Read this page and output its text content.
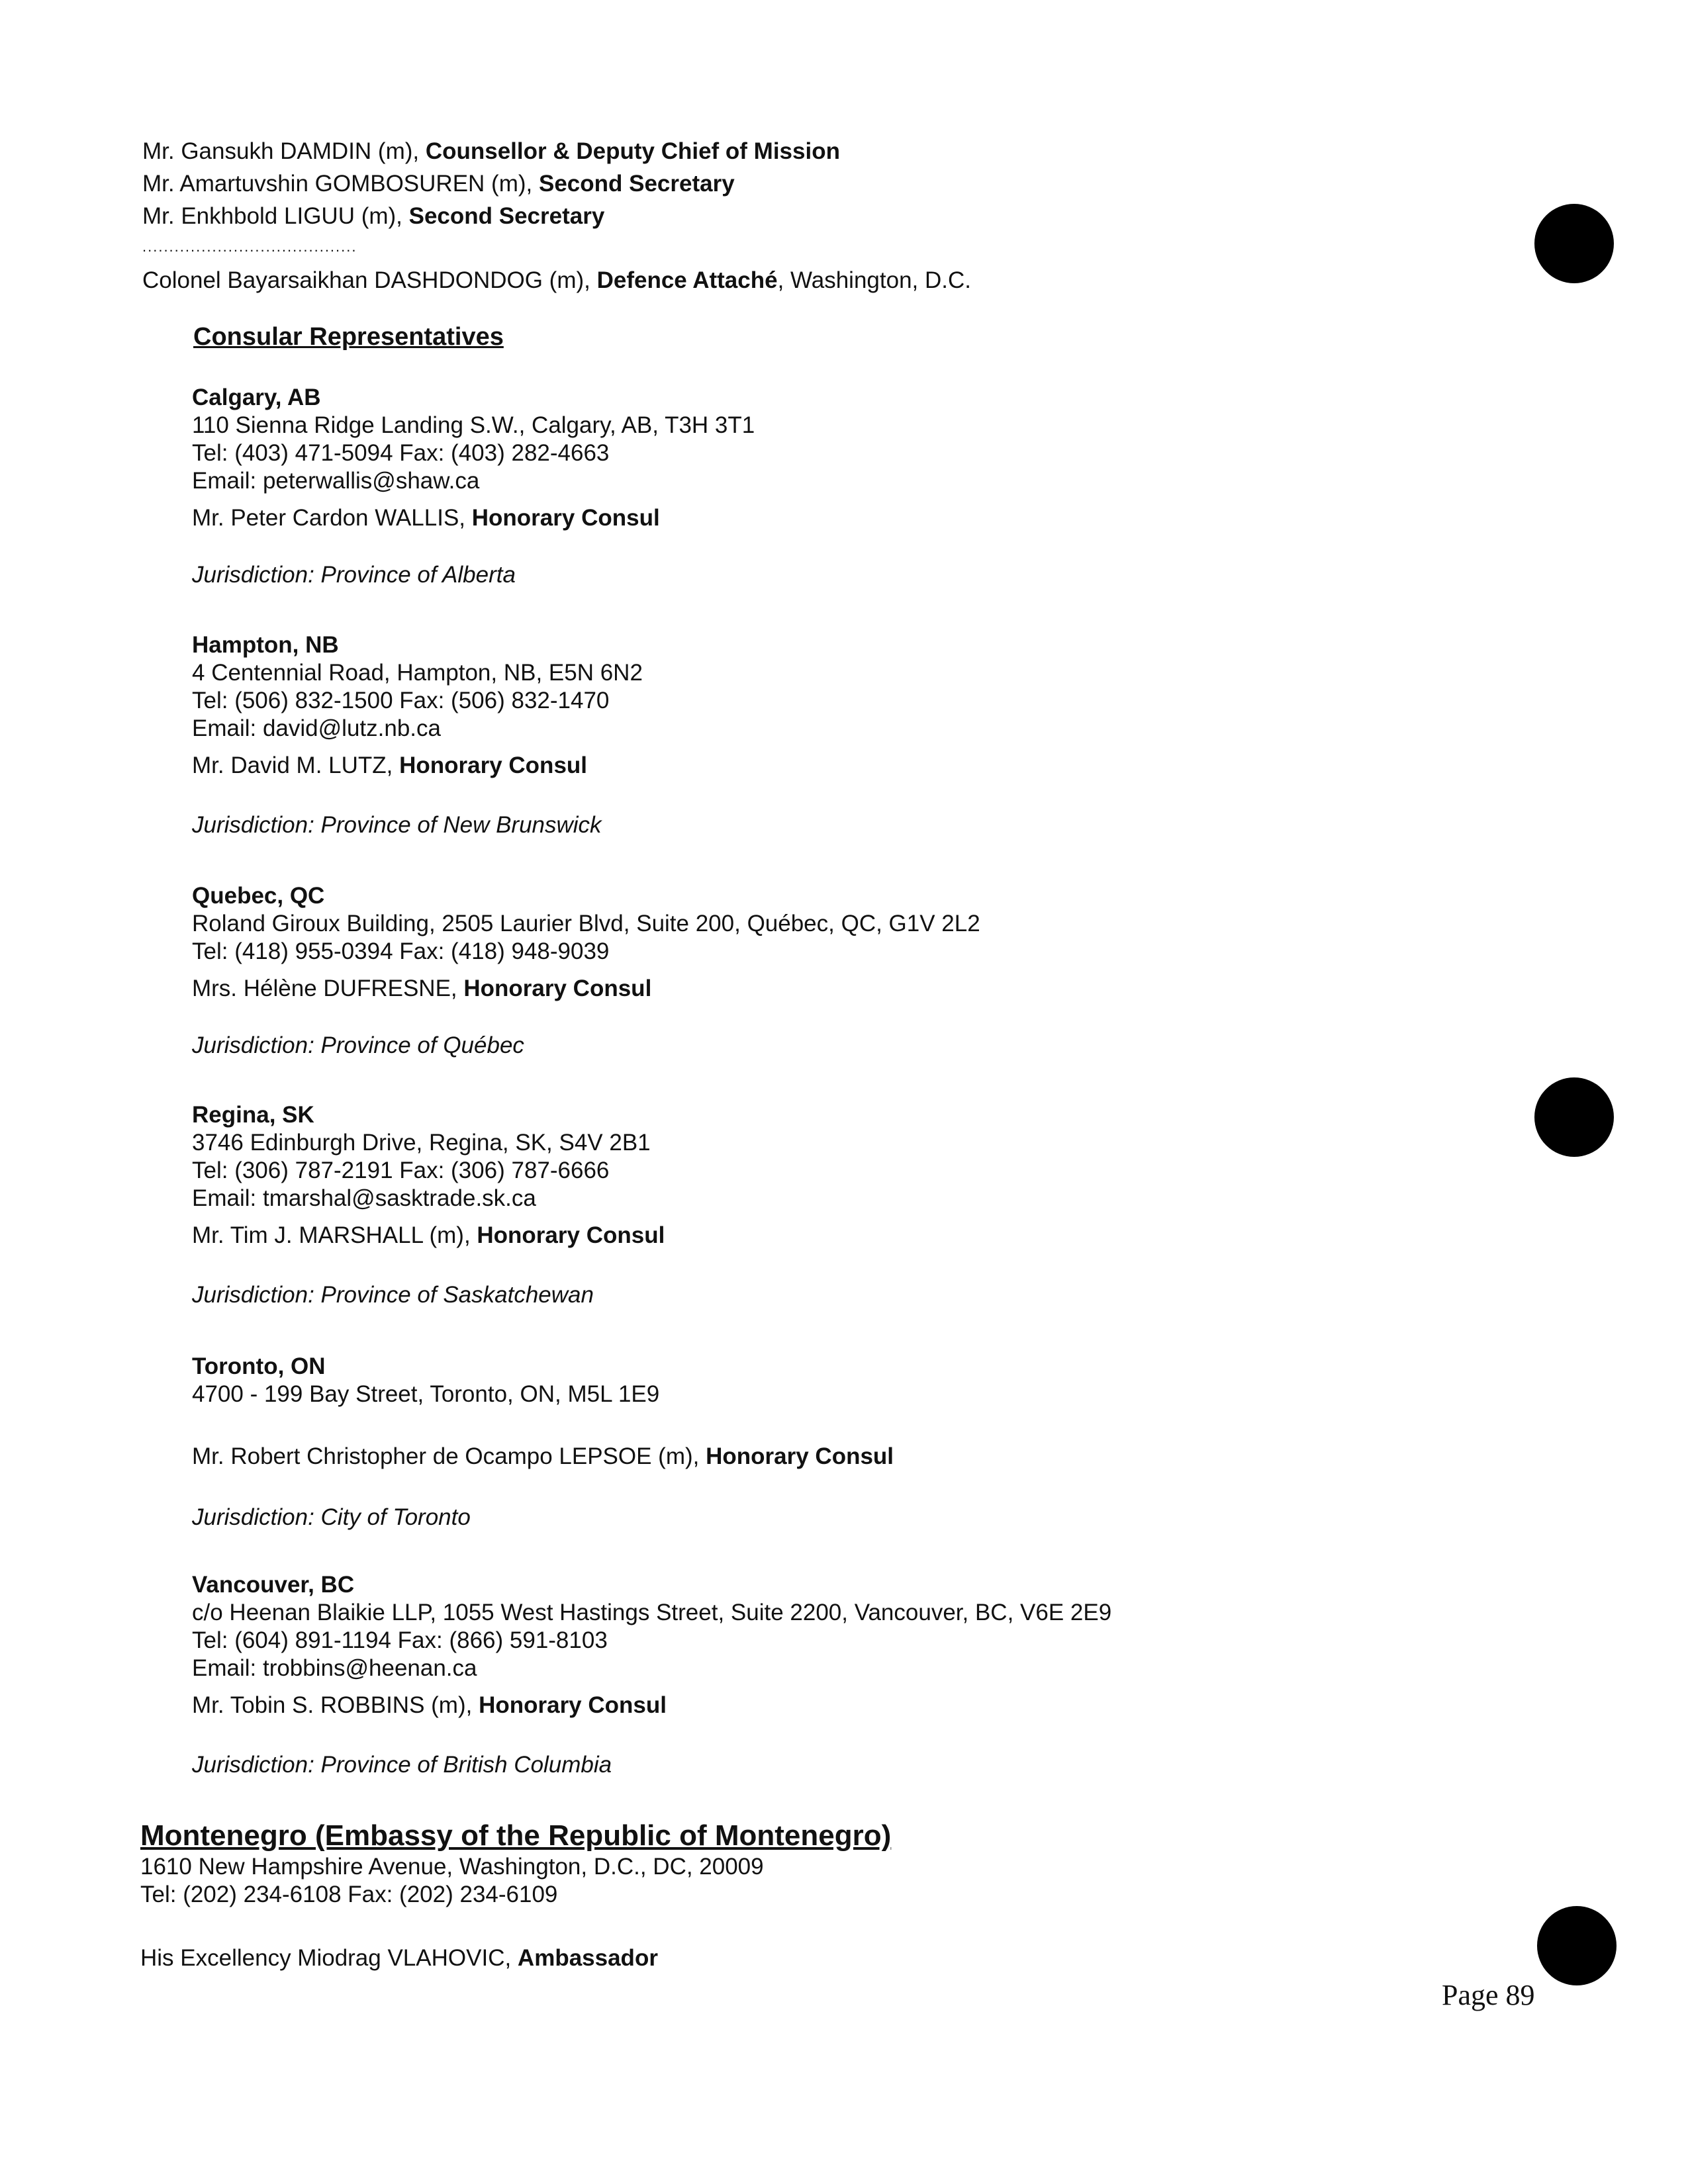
Mr. Gansukh DAMDIN (m), Counsellor & Deputy Chief of Mission
Mr. Amartuvshin GOMBOSUREN (m), Second Secretary
Mr. Enkhbold LIGUU (m), Second Secretary
........................................
Colonel Bayarsaikhan DASHDONDOG (m), Defence Attaché, Washington, D.C.
Consular Representatives
Calgary, AB
110 Sienna Ridge Landing S.W., Calgary, AB, T3H 3T1
Tel: (403) 471-5094 Fax: (403) 282-4663
Email: peterwallis@shaw.ca
Mr. Peter Cardon WALLIS, Honorary Consul
Jurisdiction: Province of Alberta
Hampton, NB
4 Centennial Road, Hampton, NB, E5N 6N2
Tel: (506) 832-1500 Fax: (506) 832-1470
Email: david@lutz.nb.ca
Mr. David M. LUTZ, Honorary Consul
Jurisdiction: Province of New Brunswick
Quebec, QC
Roland Giroux Building, 2505 Laurier Blvd, Suite 200, Québec, QC, G1V 2L2
Tel: (418) 955-0394 Fax: (418) 948-9039
Mrs. Hélène DUFRESNE, Honorary Consul
Jurisdiction: Province of Québec
Regina, SK
3746 Edinburgh Drive, Regina, SK, S4V 2B1
Tel: (306) 787-2191 Fax: (306) 787-6666
Email: tmarshal@sasktrade.sk.ca
Mr. Tim J. MARSHALL (m), Honorary Consul
Jurisdiction: Province of Saskatchewan
Toronto, ON
4700 - 199 Bay Street, Toronto, ON, M5L 1E9
Mr. Robert Christopher de Ocampo LEPSOE (m), Honorary Consul
Jurisdiction: City of Toronto
Vancouver, BC
c/o Heenan Blaikie LLP, 1055 West Hastings Street, Suite 2200, Vancouver, BC, V6E 2E9
Tel: (604) 891-1194 Fax: (866) 591-8103
Email: trobbins@heenan.ca
Mr. Tobin S. ROBBINS (m), Honorary Consul
Jurisdiction: Province of British Columbia
Montenegro (Embassy of the Republic of Montenegro)
1610 New Hampshire Avenue, Washington, D.C., DC, 20009
Tel: (202) 234-6108 Fax: (202) 234-6109
His Excellency Miodrag VLAHOVIC, Ambassador
Page 89
